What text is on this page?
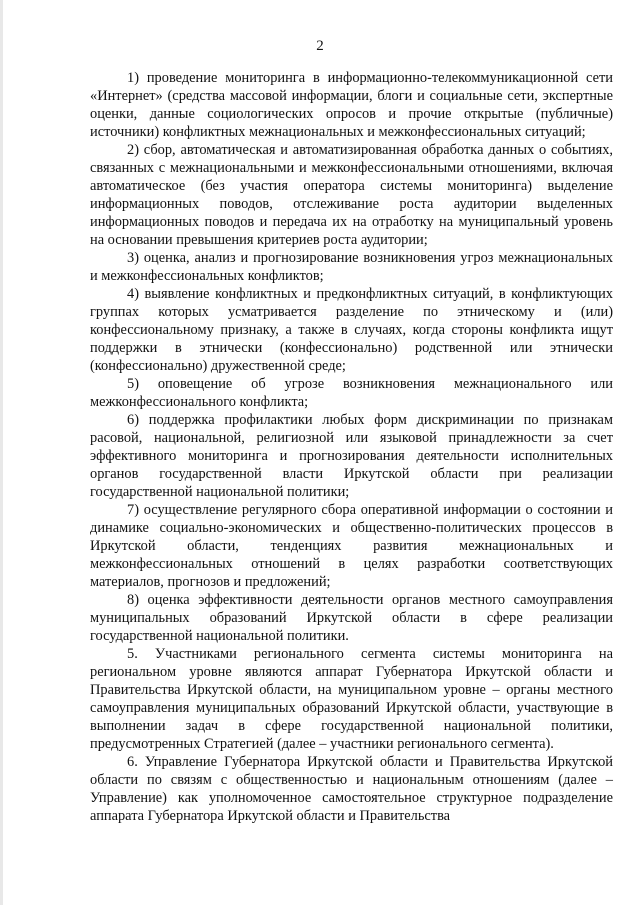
2

1) проведение мониторинга в информационно-телекоммуникационной сети «Интернет» (средства массовой информации, блоги и социальные сети, экспертные оценки, данные социологических опросов и прочие открытые (публичные) источники) конфликтных межнациональных и межконфессиональных ситуаций;

2) сбор, автоматическая и автоматизированная обработка данных о событиях, связанных с межнациональными и межконфессиональными отношениями, включая автоматическое (без участия оператора системы мониторинга) выделение информационных поводов, отслеживание роста аудитории выделенных информационных поводов и передача их на отработку на муниципальный уровень на основании превышения критериев роста аудитории;

3) оценка, анализ и прогнозирование возникновения угроз межнациональных и межконфессиональных конфликтов;

4) выявление конфликтных и предконфликтных ситуаций, в конфликтующих группах которых усматривается разделение по этническому и (или) конфессиональному признаку, а также в случаях, когда стороны конфликта ищут поддержки в этнически (конфессионально) родственной или этнически (конфессионально) дружественной среде;

5) оповещение об угрозе возникновения межнационального или межконфессионального конфликта;

6) поддержка профилактики любых форм дискриминации по признакам расовой, национальной, религиозной или языковой принадлежности за счет эффективного мониторинга и прогнозирования деятельности исполнительных органов государственной власти Иркутской области при реализации государственной национальной политики;

7) осуществление регулярного сбора оперативной информации о состоянии и динамике социально-экономических и общественно-политических процессов в Иркутской области, тенденциях развития межнациональных и межконфессиональных отношений в целях разработки соответствующих материалов, прогнозов и предложений;

8) оценка эффективности деятельности органов местного самоуправления муниципальных образований Иркутской области в сфере реализации государственной национальной политики.

5. Участниками регионального сегмента системы мониторинга на региональном уровне являются аппарат Губернатора Иркутской области и Правительства Иркутской области, на муниципальном уровне – органы местного самоуправления муниципальных образований Иркутской области, участвующие в выполнении задач в сфере государственной национальной политики, предусмотренных Стратегией (далее – участники регионального сегмента).

6. Управление Губернатора Иркутской области и Правительства Иркутской области по связям с общественностью и национальным отношениям (далее – Управление) как уполномоченное самостоятельное структурное подразделение аппарата Губернатора Иркутской области и Правительства
